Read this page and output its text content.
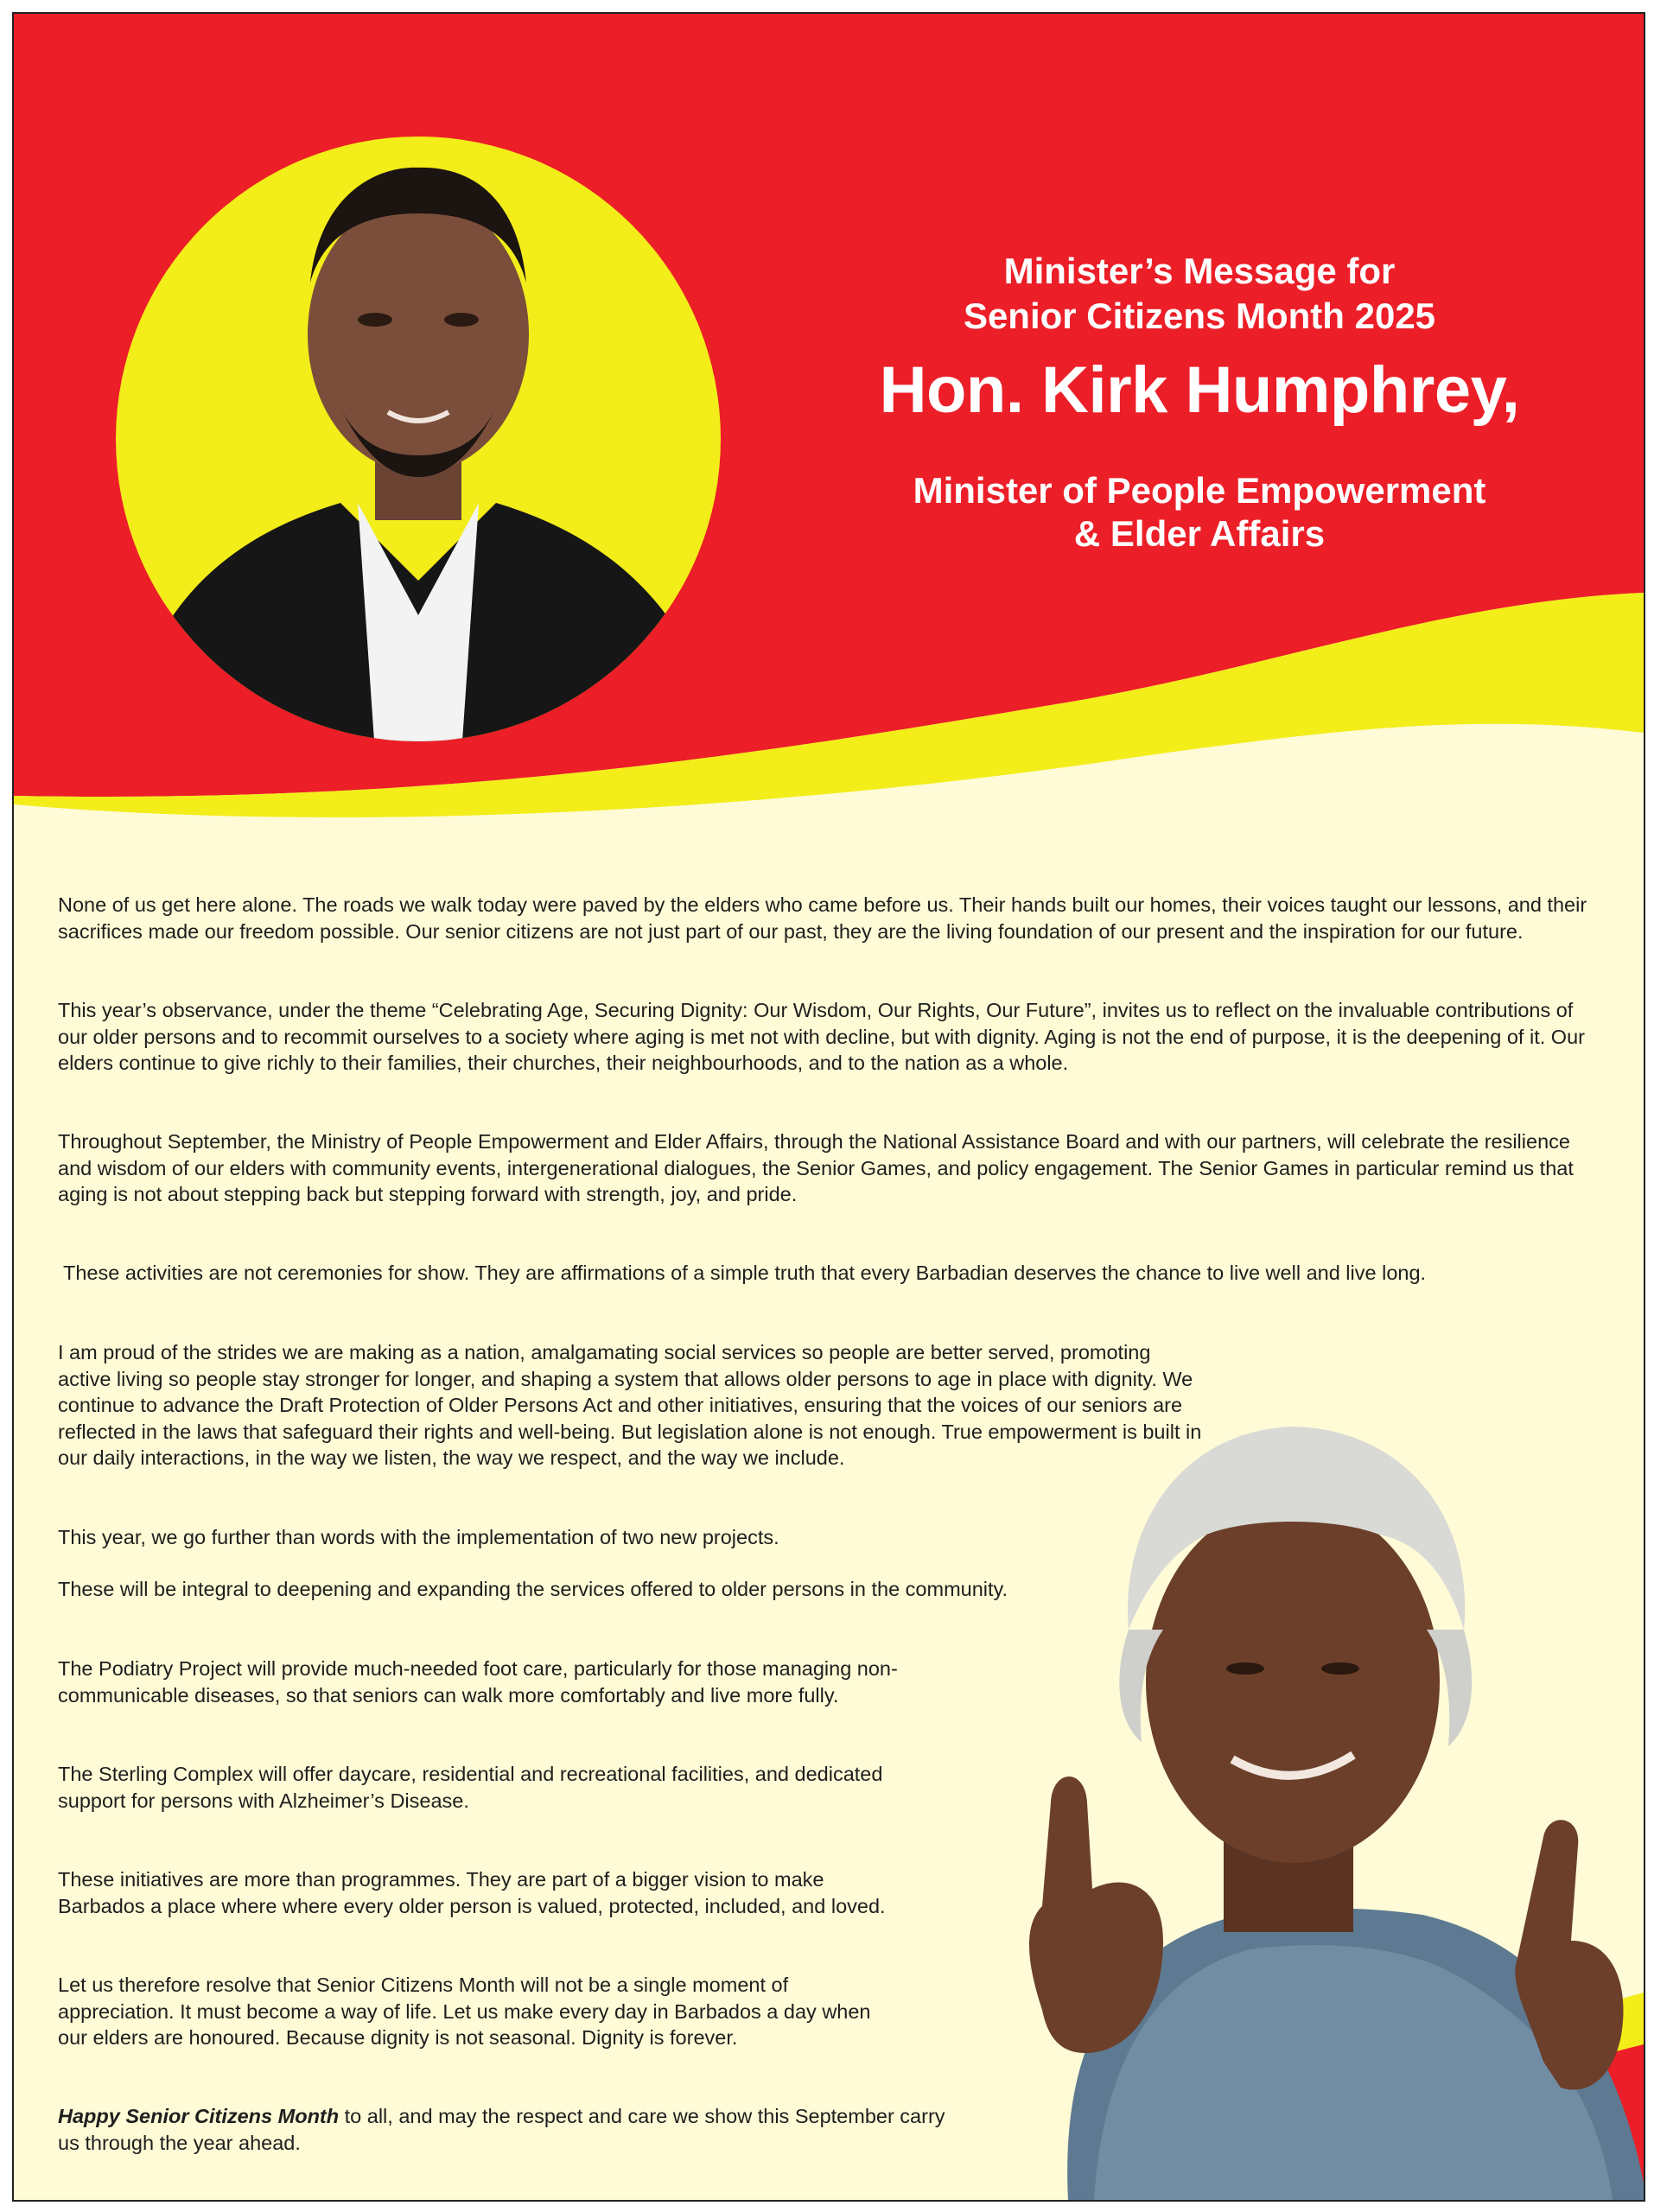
Minister’s Message for
Senior Citizens Month 2025
Hon. Kirk Humphrey,
Minister of People Empowerment
& Elder Affairs

None of us get here alone. The roads we walk today were paved by the elders who came before us. Their hands built our homes, their voices taught our lessons, and their sacrifices made our freedom possible. Our senior citizens are not just part of our past, they are the living foundation of our present and the inspiration for our future.

This year’s observance, under the theme “Celebrating Age, Securing Dignity: Our Wisdom, Our Rights, Our Future”, invites us to reflect on the invaluable contributions of our older persons and to recommit ourselves to a society where aging is met not with decline, but with dignity. Aging is not the end of purpose, it is the deepening of it. Our elders continue to give richly to their families, their churches, their neighbourhoods, and to the nation as a whole.

Throughout September, the Ministry of People Empowerment and Elder Affairs, through the National Assistance Board and with our partners, will celebrate the resilience and wisdom of our elders with community events, intergenerational dialogues, the Senior Games, and policy engagement. The Senior Games in particular remind us that aging is not about stepping back but stepping forward with strength, joy, and pride.

These activities are not ceremonies for show. They are affirmations of a simple truth that every Barbadian deserves the chance to live well and live long.

I am proud of the strides we are making as a nation, amalgamating social services so people are better served, promoting active living so people stay stronger for longer, and shaping a system that allows older persons to age in place with dignity. We continue to advance the Draft Protection of Older Persons Act and other initiatives, ensuring that the voices of our seniors are reflected in the laws that safeguard their rights and well-being. But legislation alone is not enough. True empowerment is built in our daily interactions, in the way we listen, the way we respect, and the way we include.

This year, we go further than words with the implementation of two new projects.

These will be integral to deepening and expanding the services offered to older persons in the community.

The Podiatry Project will provide much-needed foot care, particularly for those managing non-communicable diseases, so that seniors can walk more comfortably and live more fully.

The Sterling Complex will offer daycare, residential and recreational facilities, and dedicated support for persons with Alzheimer’s Disease.

These initiatives are more than programmes. They are part of a bigger vision to make Barbados a place where where every older person is valued, protected, included, and loved.

Let us therefore resolve that Senior Citizens Month will not be a single moment of appreciation. It must become a way of life. Let us make every day in Barbados a day when our elders are honoured. Because dignity is not seasonal. Dignity is forever.

Happy Senior Citizens Month to all, and may the respect and care we show this September carry us through the year ahead.
